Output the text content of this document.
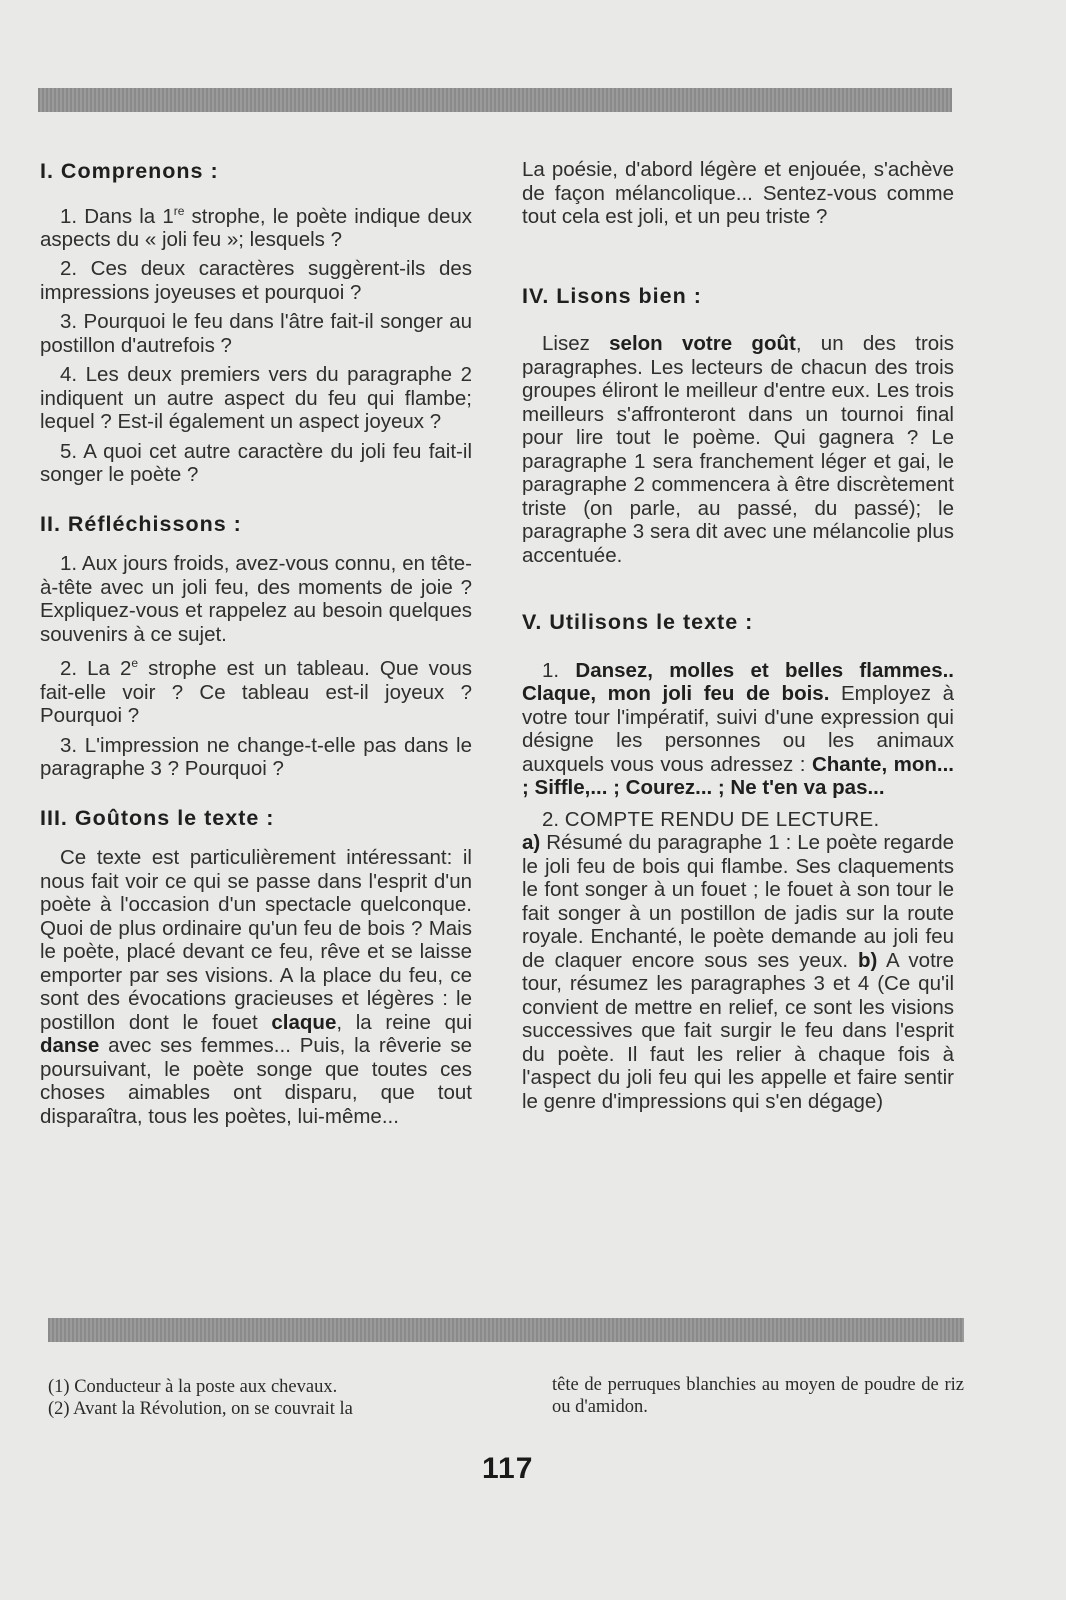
I. Comprenons :

1. Dans la 1re strophe, le poète indique deux aspects du « joli feu »; lesquels ?

2. Ces deux caractères suggèrent-ils des impressions joyeuses et pourquoi ?

3. Pourquoi le feu dans l'âtre fait-il songer au postillon d'autrefois ?

4. Les deux premiers vers du paragraphe 2 indiquent un autre aspect du feu qui flambe; lequel ? Est-il également un aspect joyeux ?

5. A quoi cet autre caractère du joli feu fait-il songer le poète ?

II. Réfléchissons :

1. Aux jours froids, avez-vous connu, en tête-à-tête avec un joli feu, des moments de joie ? Expliquez-vous et rappelez au besoin quelques souvenirs à ce sujet.

2. La 2e strophe est un tableau. Que vous fait-elle voir ? Ce tableau est-il joyeux ? Pourquoi ?

3. L'impression ne change-t-elle pas dans le paragraphe 3 ? Pourquoi ?

III. Goûtons le texte :

Ce texte est particulièrement intéressant: il nous fait voir ce qui se passe dans l'esprit d'un poète à l'occasion d'un spectacle quelconque. Quoi de plus ordinaire qu'un feu de bois ? Mais le poète, placé devant ce feu, rêve et se laisse emporter par ses visions. A la place du feu, ce sont des évocations gracieuses et légères : le postillon dont le fouet claque, la reine qui danse avec ses femmes... Puis, la rêverie se poursuivant, le poète songe que toutes ces choses aimables ont disparu, que tout disparaîtra, tous les poètes, lui-même...

La poésie, d'abord légère et enjouée, s'achève de façon mélancolique... Sentez-vous comme tout cela est joli, et un peu triste ?

IV. Lisons bien :

Lisez selon votre goût, un des trois paragraphes. Les lecteurs de chacun des trois groupes éliront le meilleur d'entre eux. Les trois meilleurs s'affronteront dans un tournoi final pour lire tout le poème. Qui gagnera ? Le paragraphe 1 sera franchement léger et gai, le paragraphe 2 commencera à être discrètement triste (on parle, au passé, du passé); le paragraphe 3 sera dit avec une mélancolie plus accentuée.

V. Utilisons le texte :

1. Dansez, molles et belles flammes.. Claque, mon joli feu de bois. Employez à votre tour l'impératif, suivi d'une expression qui désigne les personnes ou les animaux auxquels vous vous adressez : Chante, mon... ; Siffle,... ; Courez... ; Ne t'en va pas...

2. COMPTE RENDU DE LECTURE.
a) Résumé du paragraphe 1 : Le poète regarde le joli feu de bois qui flambe. Ses claquements le font songer à un fouet ; le fouet à son tour le fait songer à un postillon de jadis sur la route royale. Enchanté, le poète demande au joli feu de claquer encore sous ses yeux. b) A votre tour, résumez les paragraphes 3 et 4 (Ce qu'il convient de mettre en relief, ce sont les visions successives que fait surgir le feu dans l'esprit du poète. Il faut les relier à chaque fois à l'aspect du joli feu qui les appelle et faire sentir le genre d'impressions qui s'en dégage)

(1) Conducteur à la poste aux chevaux.
(2) Avant la Révolution, on se couvrait la
tête de perruques blanchies au moyen de poudre de riz ou d'amidon.
117
